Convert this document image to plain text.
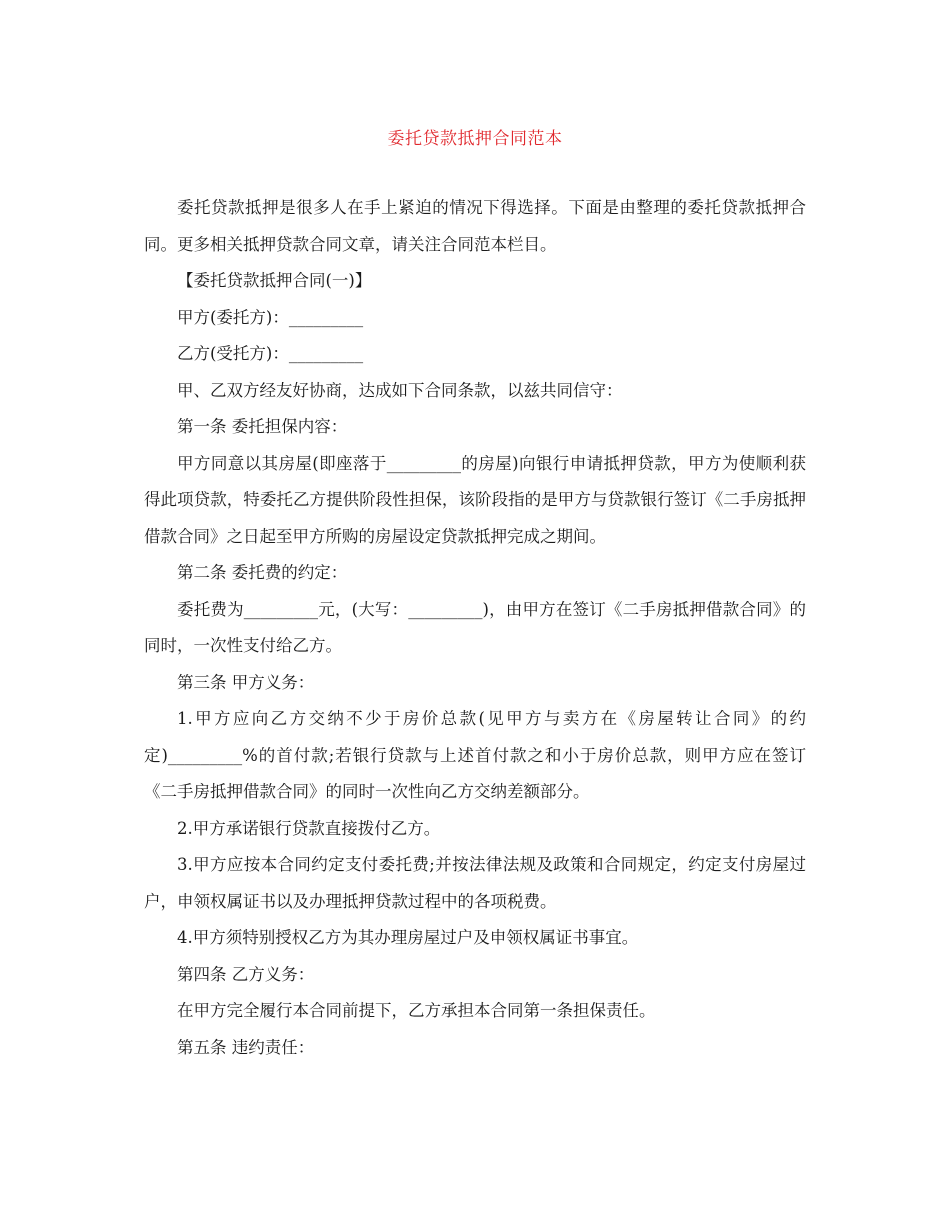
委托贷款抵押合同范本

委托贷款抵押是很多人在手上紧迫的情况下得选择。下面是由整理的委托贷款抵押合同。更多相关抵押贷款合同文章，请关注合同范本栏目。

【委托贷款抵押合同(一)】

甲方(委托方)：_________

乙方(受托方)：_________

甲、乙双方经友好协商，达成如下合同条款，以兹共同信守：

第一条 委托担保内容：

甲方同意以其房屋(即座落于_________的房屋)向银行申请抵押贷款，甲方为使顺利获得此项贷款，特委托乙方提供阶段性担保，该阶段指的是甲方与贷款银行签订《二手房抵押借款合同》之日起至甲方所购的房屋设定贷款抵押完成之期间。

第二条 委托费的约定：

委托费为_________元，(大写：_________)，由甲方在签订《二手房抵押借款合同》的同时，一次性支付给乙方。

第三条 甲方义务：

1.甲方应向乙方交纳不少于房价总款(见甲方与卖方在《房屋转让合同》的约定)_________%的首付款;若银行贷款与上述首付款之和小于房价总款，则甲方应在签订《二手房抵押借款合同》的同时一次性向乙方交纳差额部分。

2.甲方承诺银行贷款直接拨付乙方。

3.甲方应按本合同约定支付委托费;并按法律法规及政策和合同规定，约定支付房屋过户，申领权属证书以及办理抵押贷款过程中的各项税费。

4.甲方须特别授权乙方为其办理房屋过户及申领权属证书事宜。

第四条 乙方义务：

在甲方完全履行本合同前提下，乙方承担本合同第一条担保责任。

第五条 违约责任：
